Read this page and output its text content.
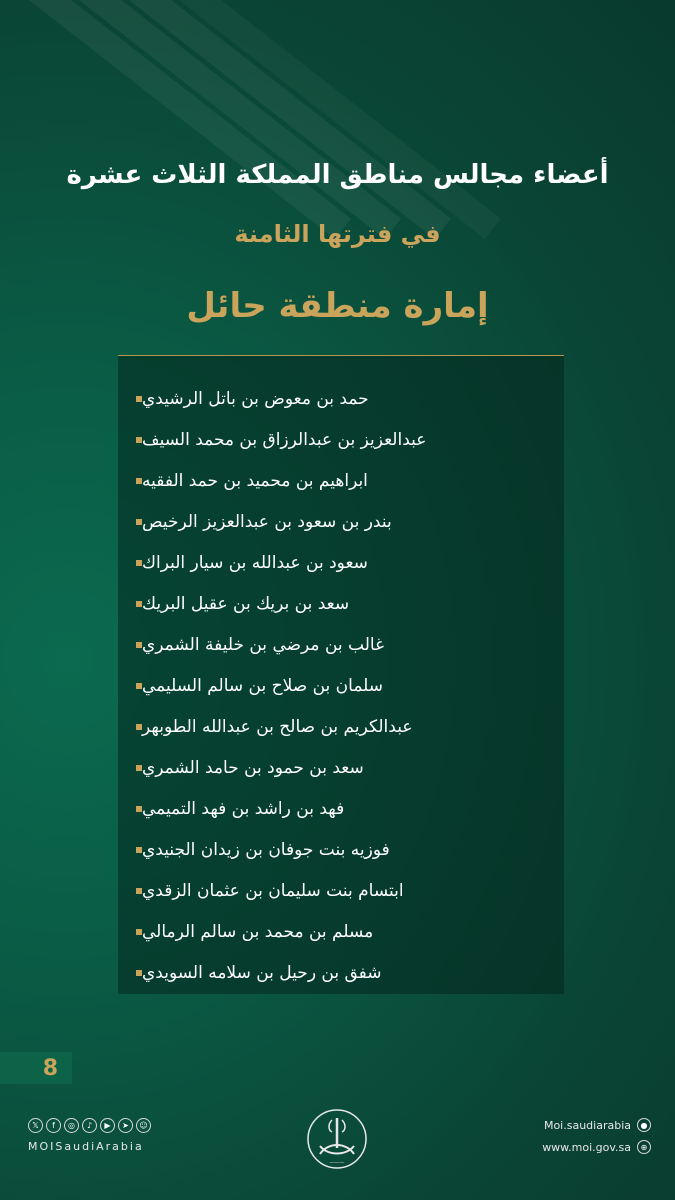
أعضاء مجالس مناطق المملكة الثلاث عشرة
في فترتها الثامنة
إمارة منطقة حائل
حمد بن معوض بن باتل الرشيدي
عبدالعزيز بن عبدالرزاق بن محمد السيف
ابراهيم بن محميد بن حمد الفقيه
بندر بن سعود بن عبدالعزيز الرخيص
سعود بن عبدالله بن سيار البراك
سعد بن بريك بن عقيل البريك
غالب بن مرضي بن خليفة الشمري
سلمان بن صلاح بن سالم السليمي
عبدالكريم بن صالح بن عبدالله الطوبهر
سعد بن حمود بن حامد الشمري
فهد بن راشد بن فهد التميمي
فوزيه بنت جوفان بن زيدان الجنيدي
ابتسام بنت سليمان بن عثمان الزقدي
مسلم بن محمد بن سالم الرمالي
شفق بن رحيل بن سلامه السويدي
8
𝕏	f	◎	♪	▶	➤	☺
MOISaudiArabia
———
Moi.saudiarabia	●
www.moi.gov.sa	⊕
